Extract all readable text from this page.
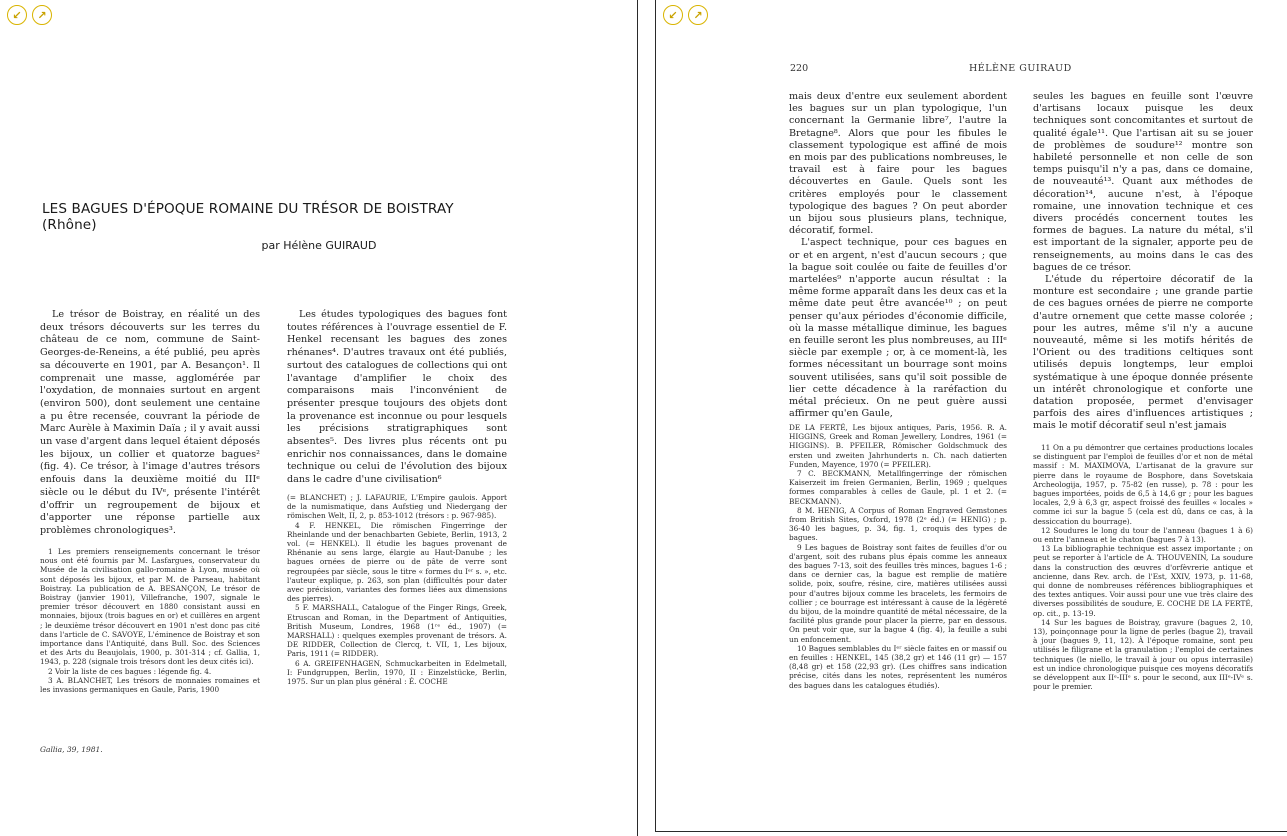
↙	↗
LES BAGUES D'ÉPOQUE ROMAINE DU TRÉSOR DE BOISTRAY (Rhône)
par Hélène GUIRAUD

Le trésor de Boistray, en réalité un des deux trésors découverts sur les terres du château de ce nom, commune de Saint-Georges-de-Reneins, a été publié, peu après sa découverte en 1901, par A. Besançon¹. Il comprenait une masse, agglomérée par l'oxydation, de monnaies surtout en argent (environ 500), dont seulement une centaine a pu être recensée, couvrant la période de Marc Aurèle à Maximin Daïa ; il y avait aussi un vase d'argent dans lequel étaient déposés les bijoux, un collier et quatorze bagues² (fig. 4). Ce trésor, à l'image d'autres trésors enfouis dans la deuxième moitié du IIIᵉ siècle ou le début du IVᵉ, présente l'intérêt d'offrir un regroupement de bijoux et d'apporter une réponse partielle aux problèmes chronologiques³.

Les études typologiques des bagues font toutes références à l'ouvrage essentiel de F. Henkel recensant les bagues des zones rhénanes⁴. D'autres travaux ont été publiés, surtout des catalogues de collections qui ont l'avantage d'amplifier le choix des comparaisons mais l'inconvénient de présenter presque toujours des objets dont la provenance est inconnue ou pour lesquels les précisions stratigraphiques sont absentes⁵. Des livres plus récents ont pu enrichir nos connaissances, dans le domaine technique ou celui de l'évolution des bijoux dans le cadre d'une civilisation⁶

1 Les premiers renseignements concernant le trésor nous ont été fournis par M. Lasfargues, conservateur du Musée de la civilisation gallo-romaine à Lyon, musée où sont déposés les bijoux, et par M. de Parseau, habitant Boistray. La publication de A. BESANÇON, Le trésor de Boistray (janvier 1901), Villefranche, 1907, signale le premier trésor découvert en 1880 consistant aussi en monnaies, bijoux (trois bagues en or) et cuillères en argent ; le deuxième trésor découvert en 1901 n'est donc pas cité dans l'article de C. SAVOYE, L'éminence de Boistray et son importance dans l'Antiquité, dans Bull. Soc. des Sciences et des Arts du Beaujolais, 1900, p. 301-314 ; cf. Gallia, 1, 1943, p. 228 (signale trois trésors dont les deux cités ici).

2 Voir la liste de ces bagues : légende fig. 4.

3 A. BLANCHET, Les trésors de monnaies romaines et les invasions germaniques en Gaule, Paris, 1900

(= BLANCHET) ; J. LAFAURIE, L'Empire gaulois. Apport de la numismatique, dans Aufstieg und Niedergang der römischen Welt, II, 2, p. 853-1012 (trésors : p. 967-985).

4 F. HENKEL, Die römischen Fingerringe der Rheinlande und der benachbarten Gebiete, Berlin, 1913, 2 vol. (= HENKEL). Il étudie les bagues provenant de Rhénanie au sens large, élargie au Haut-Danube ; les bagues ornées de pierre ou de pâte de verre sont regroupées par siècle, sous le titre « formes du Iᵉʳ s. », etc. l'auteur explique, p. 263, son plan (difficultés pour dater avec précision, variantes des formes liées aux dimensions des pierres).

5 F. MARSHALL, Catalogue of the Finger Rings, Greek, Etruscan and Roman, in the Department of Antiquities, British Museum, Londres, 1968 (1ʳᵉ éd., 1907) (= MARSHALL) : quelques exemples provenant de trésors. A. DE RIDDER, Collection de Clercq, t. VII, 1, Les bijoux, Paris, 1911 (= RIDDER).

6 A. GREIFENHAGEN, Schmuckarbeiten in Edelmetall, I: Fundgruppen, Berlin, 1970, II : Einzelstücke, Berlin, 1975. Sur un plan plus général : É. COCHE

Gallia, 39, 1981.
↙	↗
220	HÉLÈNE GUIRAUD

mais deux d'entre eux seulement abordent les bagues sur un plan typologique, l'un concernant la Germanie libre⁷, l'autre la Bretagne⁸. Alors que pour les fibules le classement typologique est affiné de mois en mois par des publications nombreuses, le travail est à faire pour les bagues découvertes en Gaule. Quels sont les critères employés pour le classement typologique des bagues ? On peut aborder un bijou sous plusieurs plans, technique, décoratif, formel.

L'aspect technique, pour ces bagues en or et en argent, n'est d'aucun secours ; que la bague soit coulée ou faite de feuilles d'or martelées⁹ n'apporte aucun résultat : la même forme apparaît dans les deux cas et la même date peut être avancée¹⁰ ; on peut penser qu'aux périodes d'économie difficile, où la masse métallique diminue, les bagues en feuille seront les plus nombreuses, au IIIᵉ siècle par exemple ; or, à ce moment-là, les formes nécessitant un bourrage sont moins souvent utilisées, sans qu'il soit possible de lier cette décadence à la raréfaction du métal précieux. On ne peut guère aussi affirmer qu'en Gaule,

seules les bagues en feuille sont l'œuvre d'artisans locaux puisque les deux techniques sont concomitantes et surtout de qualité égale¹¹. Que l'artisan ait su se jouer de problèmes de soudure¹² montre son habileté personnelle et non celle de son temps puisqu'il n'y a pas, dans ce domaine, de nouveauté¹³. Quant aux méthodes de décoration¹⁴, aucune n'est, à l'époque romaine, une innovation technique et ces divers procédés concernent toutes les formes de bagues. La nature du métal, s'il est important de la signaler, apporte peu de renseignements, au moins dans le cas des bagues de ce trésor.

L'étude du répertoire décoratif de la monture est secondaire ; une grande partie de ces bagues ornées de pierre ne comporte d'autre ornement que cette masse colorée ; pour les autres, même s'il n'y a aucune nouveauté, même si les motifs hérités de l'Orient ou des traditions celtiques sont utilisés depuis longtemps, leur emploi systématique à une époque donnée présente un intérêt chronologique et conforte une datation proposée, permet d'envisager parfois des aires d'influences artistiques ; mais le motif décoratif seul n'est jamais

DE LA FERTÉ, Les bijoux antiques, Paris, 1956. R. A. HIGGINS, Greek and Roman Jewellery, Londres, 1961 (= HIGGINS). B. PFEILER, Römischer Goldschmuck des ersten und zweiten Jahrhunderts n. Ch. nach datierten Funden, Mayence, 1970 (= PFEILER).

7 C. BECKMANN, Metallfingerringe der römischen Kaiserzeit im freien Germanien, Berlin, 1969 ; quelques formes comparables à celles de Gaule, pl. 1 et 2. (= BECKMANN).

8 M. HENIG, A Corpus of Roman Engraved Gemstones from British Sites, Oxford, 1978 (2ᵉ éd.) (= HENIG) ; p. 36-40 les bagues, p. 34, fig. 1, croquis des types de bagues.

9 Les bagues de Boistray sont faites de feuilles d'or ou d'argent, soit des rubans plus épais comme les anneaux des bagues 7-13, soit des feuilles très minces, bagues 1-6 ; dans ce dernier cas, la bague est remplie de matière solide, poix, soufre, résine, cire, matières utilisées aussi pour d'autres bijoux comme les bracelets, les fermoirs de collier ; ce bourrage est intéressant à cause de la légèreté du bijou, de la moindre quantité de métal nécessaire, de la facilité plus grande pour placer la pierre, par en dessous. On peut voir que, sur la bague 4 (fig. 4), la feuille a subi un enfoncement.

10 Bagues semblables du Iᵉʳ siècle faites en or massif ou en feuilles : HENKEL, 145 (38,2 gr) et 146 (11 gr) — 157 (8,48 gr) et 158 (22,93 gr). (Les chiffres sans indication précise, cités dans les notes, représentent les numéros des bagues dans les catalogues étudiés).

11 On a pu démontrer que certaines productions locales se distinguent par l'emploi de feuilles d'or et non de métal massif : M. MAXIMOVA, L'artisanat de la gravure sur pierre dans le royaume de Bosphore, dans Sovetskaia Archeologija, 1957, p. 75-82 (en russe), p. 78 : pour les bagues importées, poids de 6,5 à 14,6 gr ; pour les bagues locales, 2,9 à 6,3 gr, aspect froissé des feuilles « locales » comme ici sur la bague 5 (cela est dû, dans ce cas, à la dessiccation du bourrage).

12 Soudures le long du tour de l'anneau (bagues 1 à 6) ou entre l'anneau et le chaton (bagues 7 à 13).

13 La bibliographie technique est assez importante ; on peut se reporter à l'article de A. THOUVENIN, La soudure dans la construction des œuvres d'orfèvrerie antique et ancienne, dans Rev. arch. de l'Est, XXIV, 1973, p. 11-68, qui donne de nombreuses références bibliographiques et des textes antiques. Voir aussi pour une vue très claire des diverses possibilités de soudure, E. COCHE DE LA FERTÉ, op. cit., p. 13-19.

14 Sur les bagues de Boistray, gravure (bagues 2, 10, 13), poinçonnage pour la ligne de perles (bague 2), travail à jour (bagues 9, 11, 12). À l'époque romaine, sont peu utilisés le filigrane et la granulation ; l'emploi de certaines techniques (le niello, le travail à jour ou opus interrasile) est un indice chronologique puisque ces moyens décoratifs se développent aux IIᵉ-IIIᵉ s. pour le second, aux IIIᵉ-IVᵉ s. pour le premier.
